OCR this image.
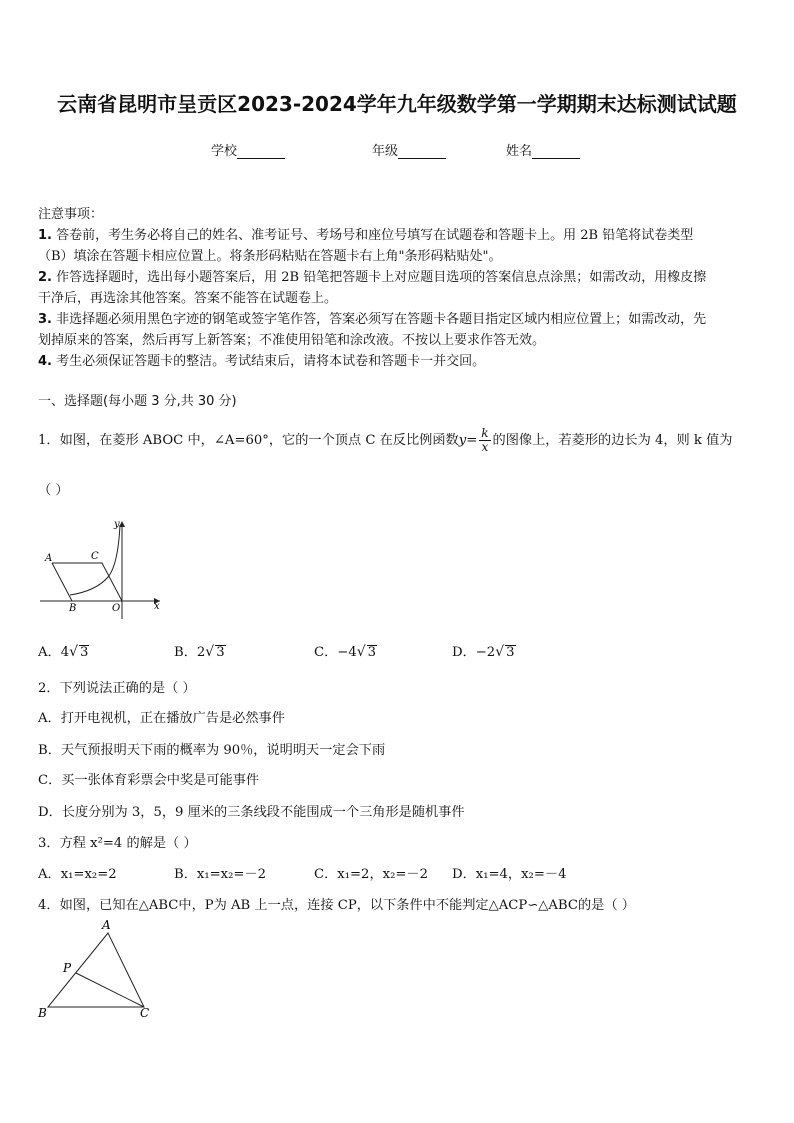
云南省昆明市呈贡区2023-2024学年九年级数学第一学期期末达标测试试题
学校	年级	姓名
注意事项：
1. 答卷前，考生务必将自己的姓名、准考证号、考场号和座位号填写在试题卷和答题卡上。用 2B 铅笔将试卷类型
（B）填涂在答题卡相应位置上。将条形码粘贴在答题卡右上角"条形码粘贴处"。
2. 作答选择题时，选出每小题答案后，用 2B 铅笔把答题卡上对应题目选项的答案信息点涂黑；如需改动，用橡皮擦
干净后，再选涂其他答案。答案不能答在试题卷上。
3. 非选择题必须用黑色字迹的钢笔或签字笔作答，答案必须写在答题卡各题目指定区域内相应位置上；如需改动，先
划掉原来的答案，然后再写上新答案；不准使用铅笔和涂改液。不按以上要求作答无效。
4. 考生必须保证答题卡的整洁。考试结束后，请将本试卷和答题卡一并交回。
一、选择题(每小题 3 分,共 30 分)
1．如图，在菱形 ABOC 中，∠A=60°，它的一个顶点 C 在反比例函数$y= \frac{k}{x}$ 的图像上，若菱形的边长为 4，则 k 值为
（ ）
A	C
B	O	x
y
A．4√ 3	B．2√ 3	C．−4√ 3	D．−2√ 3
2．下列说法正确的是（ ）
A．打开电视机，正在播放广告是必然事件
B．天气预报明天下雨的概率为 90％，说明明天一定会下雨
C．买一张体育彩票会中奖是可能事件
D．长度分别为 3，5，9 厘米的三条线段不能围成一个三角形是随机事件
3．方程 x²=4 的解是（ ）
A．x₁=x₂=2	B．x₁=x₂=－2	C．x₁=2，x₂=－2 D．x₁=4，x₂=－4
4．如图，已知在△ABC中，P为 AB 上一点，连接 CP，以下条件中不能判定△ACP∽△ABC的是（ ）
A
P
B	C
